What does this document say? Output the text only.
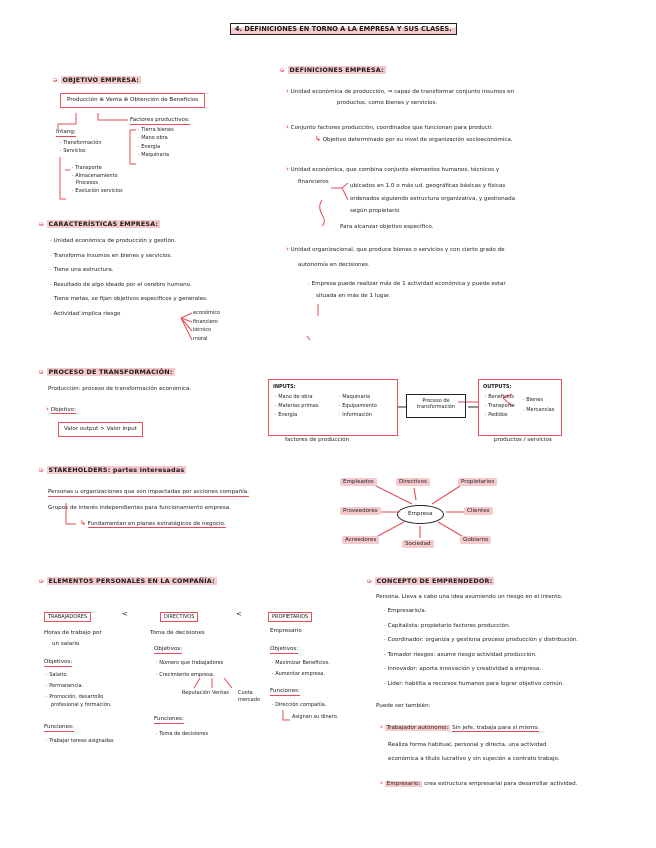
4. DEFINICIONES EN TORNO A LA EMPRESA Y SUS CLASES.
➭ OBJETIVO EMPRESA:
Producción ⊕ Venta ⊕ Obtención de Beneficios
Intang:
· Transformación
· Servicios
· Transporte
· Almacenamiento
Procesos
· Evolución servicios
Factores productivos:
· Tierra bienes
· Mano obra
· Energía
· Maquinaria
➭ CARACTERÍSTICAS EMPRESA:
· Unidad económica de producción y gestión.
· Transforma insumos en bienes y servicios.
· Tiene una estructura.
· Resultado de algo ideado por el cerebro humano.
· Tiene metas, se fijan objetivos específicos y generales.
· Actividad implica riesgo	económico
financiero
técnico
moral
➭ DEFINICIONES EMPRESA:
› Unidad económica de producción, ⇒ capaz de transformar conjunto insumos en
productos, como bienes y servicios.
› Conjunto factores producción, coordinados que funcionan para producir.
↳ Objetivo determinado por su nivel de organización socioeconómica.
› Unidad económica, que combina conjunto elementos humanos, técnicos y
financieros
ubicados en 1.0 o más ud. geográficas básicas y físicas
ordenados siguiendo estructura organizativa, y gestionada
según propietario
Para alcanzar objetivo específico.
› Unidad organizacional, que produce bienes o servicios y con cierto grado de
autonomía en decisiones.
· Empresa puede realizar más de 1 actividad económica y puede estar
situada en más de 1 lugar.
➭ PROCESO DE TRANSFORMACIÓN:
Producción: proceso de transformación económica.
› Objetivo:
Valor output > Valor input
INPUTS:
· Mano de obra
· Materias primas
· Energía
· Maquinaria
· Equipamiento
· Información
Proceso de transformación
OUTPUTS:
· Beneficios
· Transporte
· Pedidos
· Bienes
· Mercancías
factores de producción	productos / servicios
➭ STAKEHOLDERS: partes interesadas
Personas u organizaciones que son impactadas por acciones compañía.
Grupos de interés independientes para funcionamiento empresa.
↳ Fundamentan en planes estratégicos de negocio.
Empresa
Empleados	Directivos	Propietarios
Proveedores	Clientes
Acreedores
Sociedad
Gobierno
➭ ELEMENTOS PERSONALES EN LA COMPAÑÍA:
TRABAJADORES	<
Horas de trabajo por
un salario
Objetivos:
· Salario.
· Permanencia.
· Promoción, desarrollo
profesional y formación.
Funciones:
· Trabajar tareas asignadas
DIRECTIVOS	<
Toma de decisiones
Objetivos:
· Número que trabajadores
· Crecimiento empresa.
Reputación Ventas Cuota
mercado
Funciones:
· Toma de decisiones
PROPIETARIOS
Empresario
Objetivos:
· Maximizar Beneficios.
· Aumentar empresa.
Funciones:
· Dirección compañía.
Asignan su dinero.
➭ CONCEPTO DE EMPRENDEDOR:
Persona. Lleva a cabo una idea asumiendo un riesgo en el intento.
· Empresario/a.
· Capitalista: propietario factores producción.
· Coordinador: organiza y gestiona proceso producción y distribución.
· Tomador riesgos: asume riesgo actividad producción.
· Innovador: aporta innovación y creatividad a empresa.
· Líder: habilita a recursos humanos para lograr objetivo común.
Puede ser también:
› Trabajador autónomo: Sin jefe, trabaja para sí mismo.
Realiza forma habitual, personal y directa, una actividad
económica a título lucrativo y sin sujeción a contrato trabajo.
› Empresario: crea estructura empresarial para desarrollar actividad.
